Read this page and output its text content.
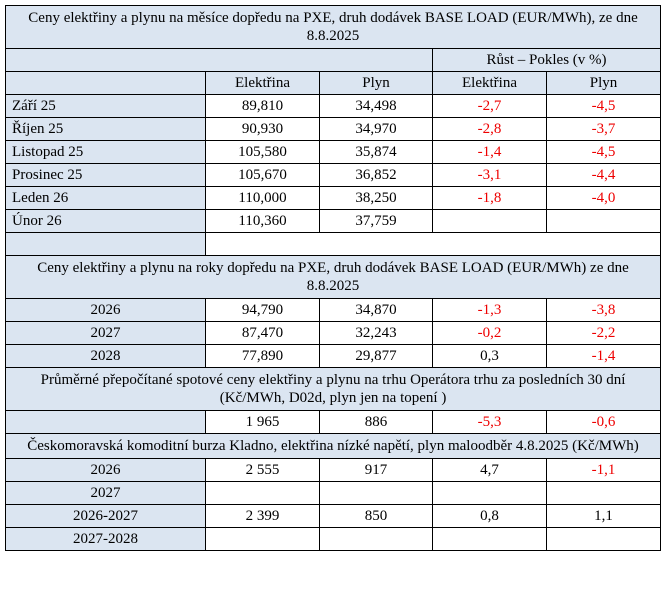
Ceny elektřiny a plynu na měsíce dopředu na PXE, druh dodávek BASE LOAD (EUR/MWh), ze dne 8.8.2025				
			Růst – Pokles (v %)	
	Elektřina	Plyn	Elektřina	Plyn
Září 25	89,810	34,498	-2,7	-4,5
Říjen 25	90,930	34,970	-2,8	-3,7
Listopad 25	105,580	35,874	-1,4	-4,5
Prosinec 25	105,670	36,852	-3,1	-4,4
Leden 26	110,000	38,250	-1,8	-4,0
Únor 26	110,360	37,759		

Ceny elektřiny a plynu na roky dopředu na PXE, druh dodávek BASE LOAD (EUR/MWh) ze dne 8.8.2025				
2026	94,790	34,870	-1,3	-3,8
2027	87,470	32,243	-0,2	-2,2
2028	77,890	29,877	0,3	-1,4
Průměrné přepočítané spotové ceny elektřiny a plynu na trhu Operátora trhu za posledních 30 dní (Kč/MWh, D02d, plyn jen na topení )				
	1 965	886	-5,3	-0,6
Českomoravská komoditní burza Kladno, elektřina nízké napětí, plyn maloodběr 4.8.2025 (Kč/MWh)				
2026	2 555	917	4,7	-1,1
2027				
2026-2027	2 399	850	0,8	1,1
2027-2028				
